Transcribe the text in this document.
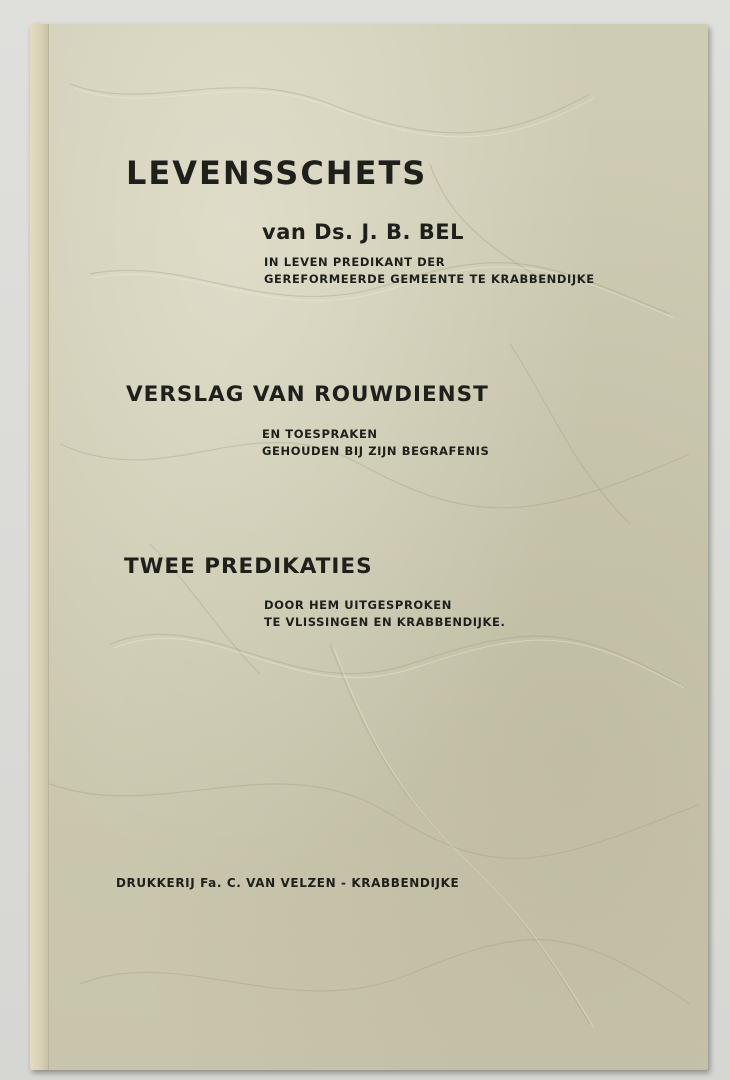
LEVENSSCHETS
van Ds. J. B. BEL
IN LEVEN PREDIKANT DER
GEREFORMEERDE GEMEENTE TE KRABBENDIJKE
VERSLAG VAN ROUWDIENST
EN TOESPRAKEN
GEHOUDEN BIJ ZIJN BEGRAFENIS
TWEE PREDIKATIES
DOOR HEM UITGESPROKEN
TE VLISSINGEN EN KRABBENDIJKE.
DRUKKERIJ Fa. C. VAN VELZEN - KRABBENDIJKE
